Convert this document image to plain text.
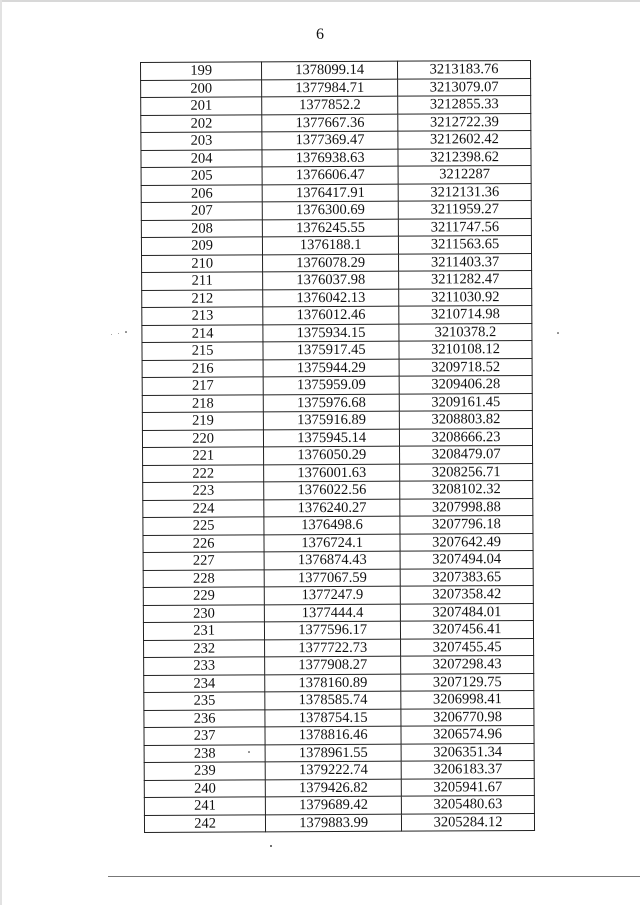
6
199	1378099.14	3213183.76
200	1377984.71	3213079.07
201	1377852.2	3212855.33
202	1377667.36	3212722.39
203	1377369.47	3212602.42
204	1376938.63	3212398.62
205	1376606.47	3212287
206	1376417.91	3212131.36
207	1376300.69	3211959.27
208	1376245.55	3211747.56
209	1376188.1	3211563.65
210	1376078.29	3211403.37
211	1376037.98	3211282.47
212	1376042.13	3211030.92
213	1376012.46	3210714.98
214	1375934.15	3210378.2
215	1375917.45	3210108.12
216	1375944.29	3209718.52
217	1375959.09	3209406.28
218	1375976.68	3209161.45
219	1375916.89	3208803.82
220	1375945.14	3208666.23
221	1376050.29	3208479.07
222	1376001.63	3208256.71
223	1376022.56	3208102.32
224	1376240.27	3207998.88
225	1376498.6	3207796.18
226	1376724.1	3207642.49
227	1376874.43	3207494.04
228	1377067.59	3207383.65
229	1377247.9	3207358.42
230	1377444.4	3207484.01
231	1377596.17	3207456.41
232	1377722.73	3207455.45
233	1377908.27	3207298.43
234	1378160.89	3207129.75
235	1378585.74	3206998.41
236	1378754.15	3206770.98
237	1378816.46	3206574.96
238	1378961.55	3206351.34
239	1379222.74	3206183.37
240	1379426.82	3205941.67
241	1379689.42	3205480.63
242	1379883.99	3205284.12
